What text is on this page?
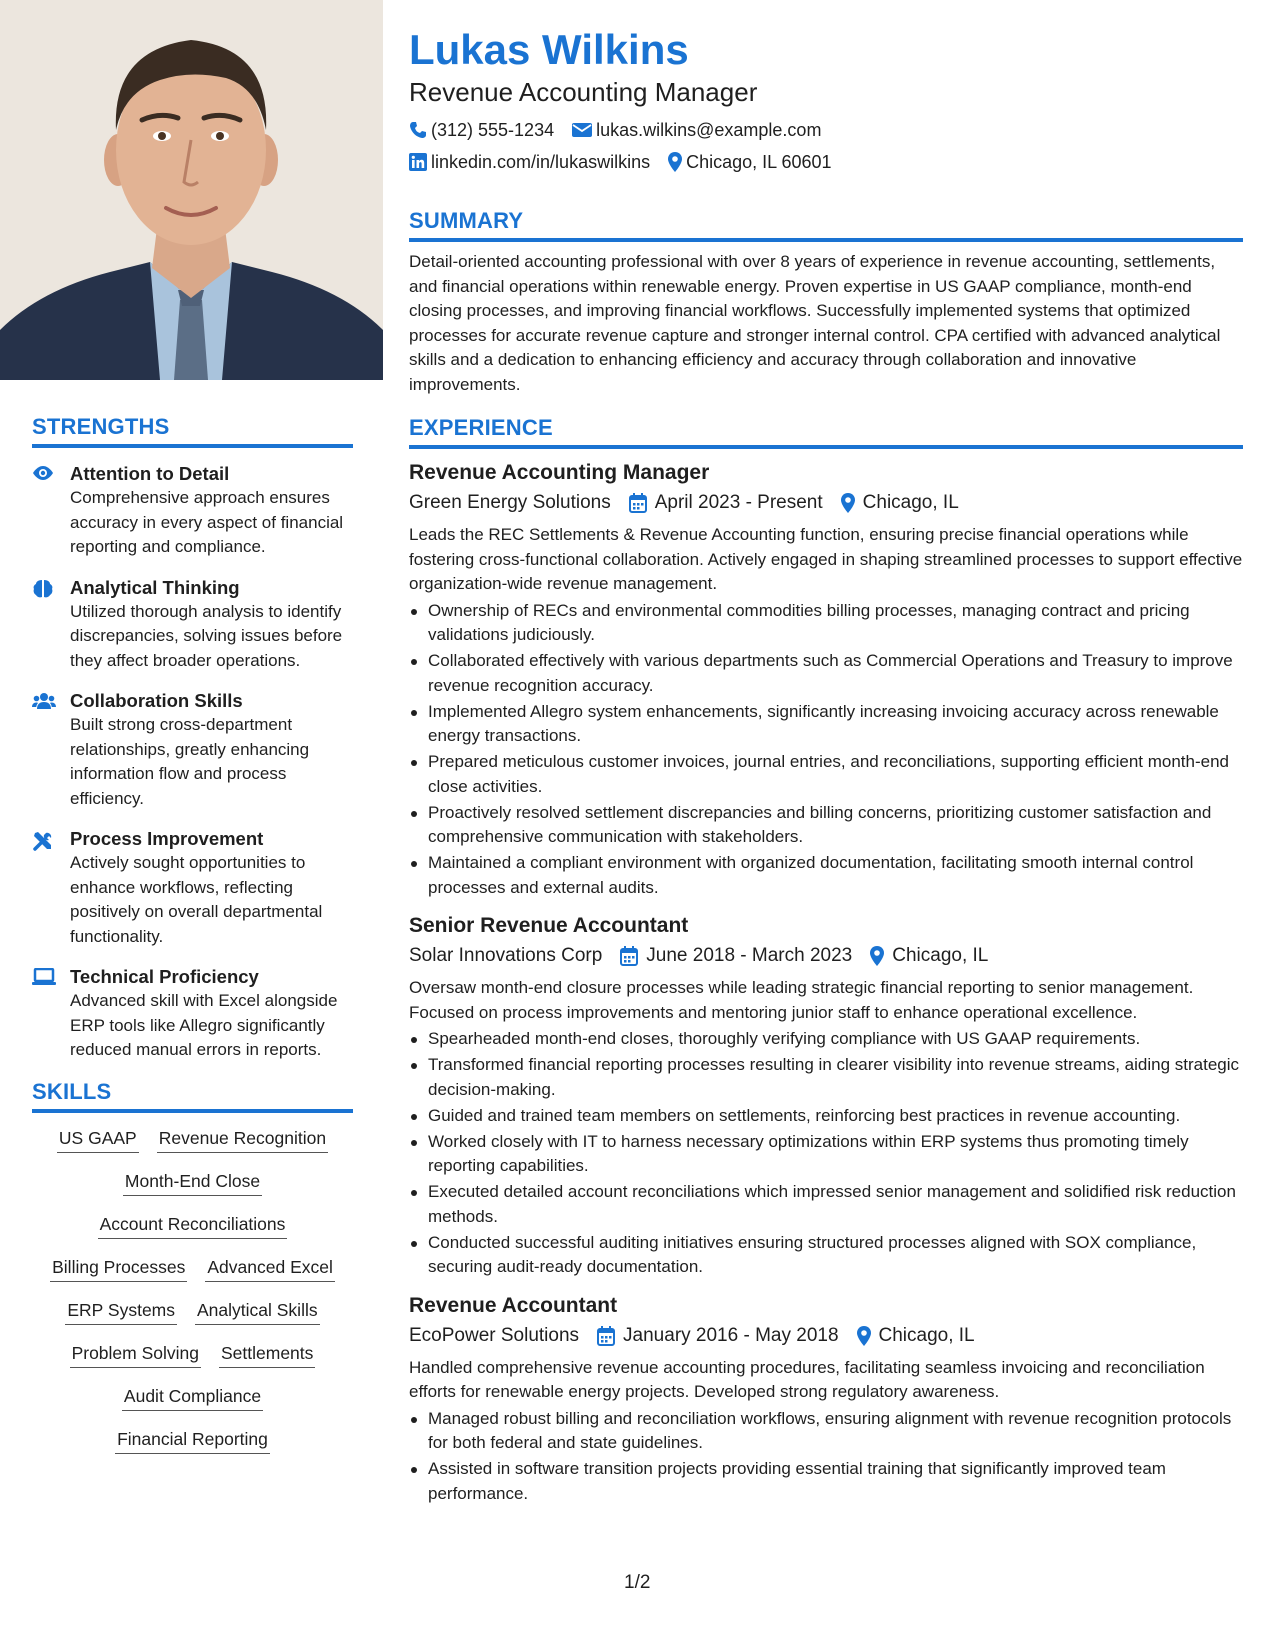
STRENGTHS
Attention to Detail
Comprehensive approach ensures accuracy in every aspect of financial reporting and compliance.
Analytical Thinking
Utilized thorough analysis to identify discrepancies, solving issues before they affect broader operations.
Collaboration Skills
Built strong cross-department relationships, greatly enhancing information flow and process efficiency.
Process Improvement
Actively sought opportunities to enhance workflows, reflecting positively on overall departmental functionality.
Technical Proficiency
Advanced skill with Excel alongside ERP tools like Allegro significantly reduced manual errors in reports.
SKILLS
US GAAP Revenue Recognition
Month-End Close
Account Reconciliations
Billing Processes Advanced Excel
ERP Systems Analytical Skills
Problem Solving Settlements
Audit Compliance
Financial Reporting
Lukas Wilkins
Revenue Accounting Manager
(312) 555-1234 lukas.wilkins@example.com
linkedin.com/in/lukaswilkins Chicago, IL 60601
SUMMARY
Detail-oriented accounting professional with over 8 years of experience in revenue accounting, settlements, and financial operations within renewable energy. Proven expertise in US GAAP compliance, month-end closing processes, and improving financial workflows. Successfully implemented systems that optimized processes for accurate revenue capture and stronger internal control. CPA certified with advanced analytical skills and a dedication to enhancing efficiency and accuracy through collaboration and innovative improvements.
EXPERIENCE
Revenue Accounting Manager
Green Energy Solutions April 2023 - Present Chicago, IL
Leads the REC Settlements & Revenue Accounting function, ensuring precise financial operations while fostering cross-functional collaboration. Actively engaged in shaping streamlined processes to support effective organization-wide revenue management.
Ownership of RECs and environmental commodities billing processes, managing contract and pricing validations judiciously.
Collaborated effectively with various departments such as Commercial Operations and Treasury to improve revenue recognition accuracy.
Implemented Allegro system enhancements, significantly increasing invoicing accuracy across renewable energy transactions.
Prepared meticulous customer invoices, journal entries, and reconciliations, supporting efficient month-end close activities.
Proactively resolved settlement discrepancies and billing concerns, prioritizing customer satisfaction and comprehensive communication with stakeholders.
Maintained a compliant environment with organized documentation, facilitating smooth internal control processes and external audits.
Senior Revenue Accountant
Solar Innovations Corp June 2018 - March 2023 Chicago, IL
Oversaw month-end closure processes while leading strategic financial reporting to senior management. Focused on process improvements and mentoring junior staff to enhance operational excellence.
Spearheaded month-end closes, thoroughly verifying compliance with US GAAP requirements.
Transformed financial reporting processes resulting in clearer visibility into revenue streams, aiding strategic decision-making.
Guided and trained team members on settlements, reinforcing best practices in revenue accounting.
Worked closely with IT to harness necessary optimizations within ERP systems thus promoting timely reporting capabilities.
Executed detailed account reconciliations which impressed senior management and solidified risk reduction methods.
Conducted successful auditing initiatives ensuring structured processes aligned with SOX compliance, securing audit-ready documentation.
Revenue Accountant
EcoPower Solutions January 2016 - May 2018 Chicago, IL
Handled comprehensive revenue accounting procedures, facilitating seamless invoicing and reconciliation efforts for renewable energy projects. Developed strong regulatory awareness.
Managed robust billing and reconciliation workflows, ensuring alignment with revenue recognition protocols for both federal and state guidelines.
Assisted in software transition projects providing essential training that significantly improved team performance.
1/2
